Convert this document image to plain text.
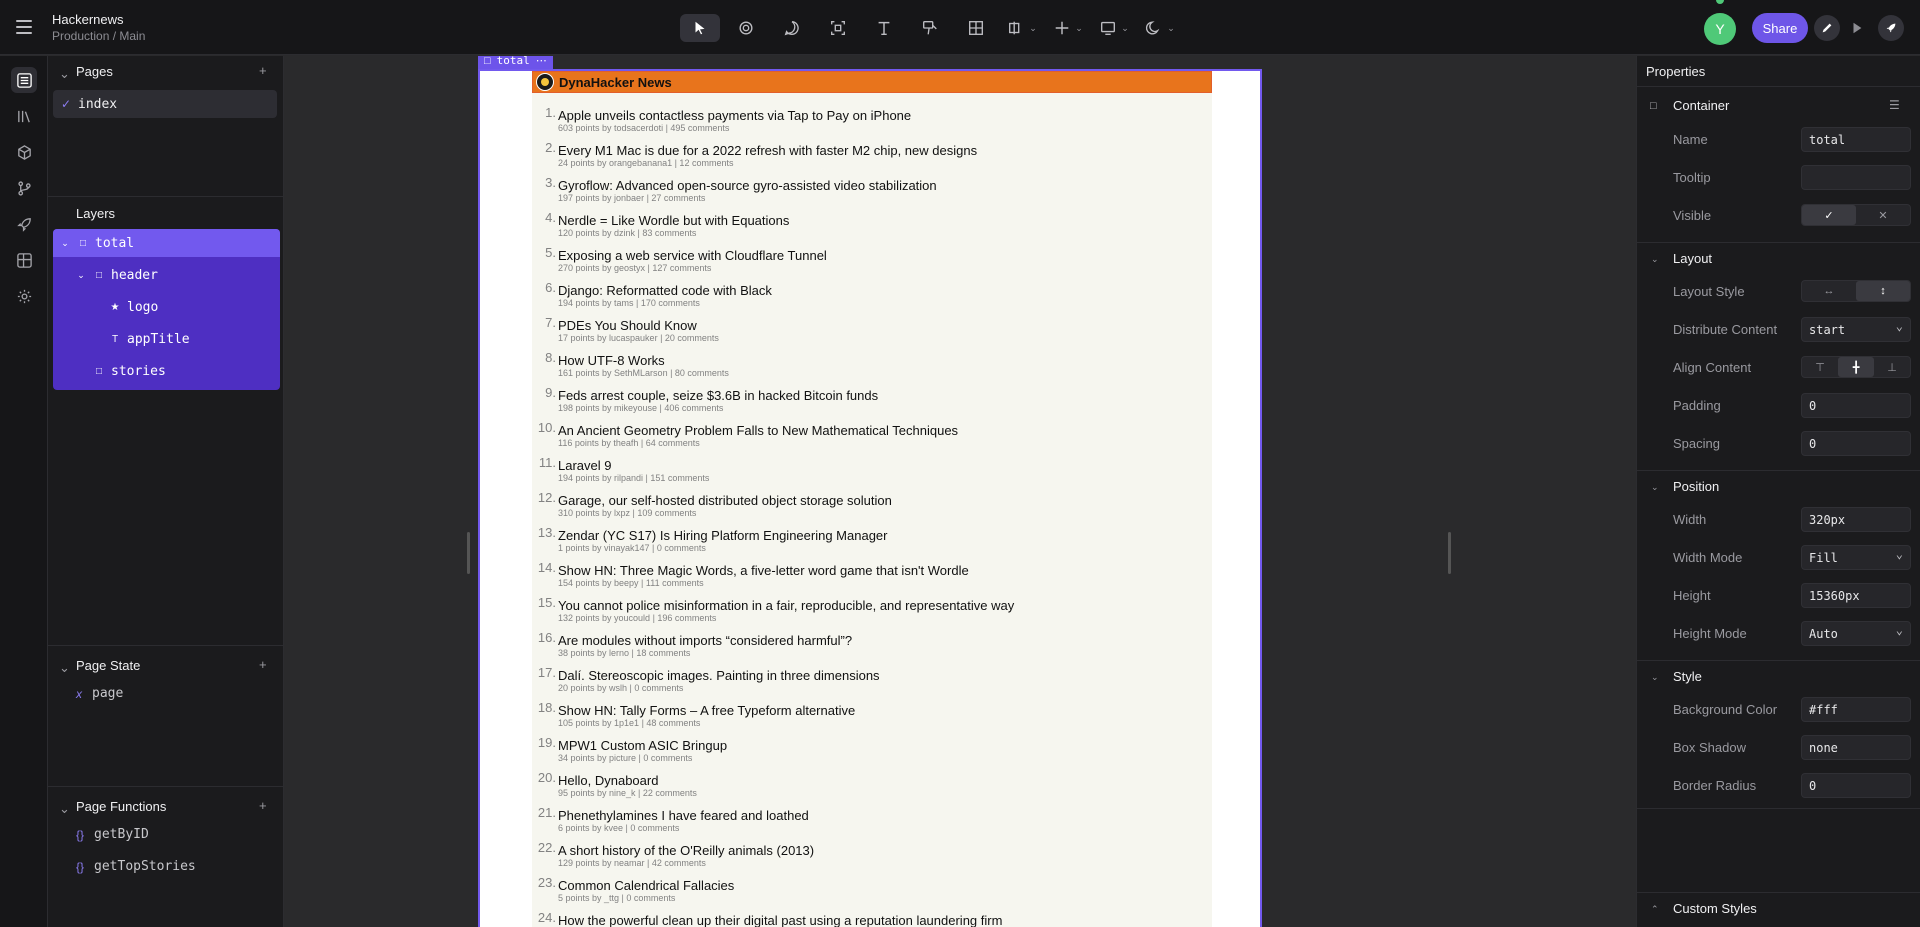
Hackernews
Production / Main
⌄	⌄	⌄	⌄	Y	Share
⌄ Pages	+
✓ index
Layers
⌄	□ total
⌄	□ header
★ logo
T appTitle
□ stories
⌄ Page State	+
x page
⌄ Page Functions	+
{} getByID
{} getTopStories
□ total ⋯
DynaHacker News
1. Apple unveils contactless payments via Tap to Pay on iPhone
603 points by todsacerdoti | 495 comments
2. Every M1 Mac is due for a 2022 refresh with faster M2 chip, new designs
24 points by orangebanana1 | 12 comments
3. Gyroflow: Advanced open-source gyro-assisted video stabilization
197 points by jonbaer | 27 comments
4. Nerdle = Like Wordle but with Equations
120 points by dzink | 83 comments
5. Exposing a web service with Cloudflare Tunnel
270 points by geostyx | 127 comments
6. Django: Reformatted code with Black
194 points by tams | 170 comments
7. PDEs You Should Know
17 points by lucaspauker | 20 comments
8. How UTF-8 Works
161 points by SethMLarson | 80 comments
9. Feds arrest couple, seize $3.6B in hacked Bitcoin funds
198 points by mikeyouse | 406 comments
10. An Ancient Geometry Problem Falls to New Mathematical Techniques
116 points by theafh | 64 comments
11. Laravel 9
194 points by rilpandi | 151 comments
12. Garage, our self-hosted distributed object storage solution
310 points by lxpz | 109 comments
13. Zendar (YC S17) Is Hiring Platform Engineering Manager
1 points by vinayak147 | 0 comments
14. Show HN: Three Magic Words, a five-letter word game that isn't Wordle
154 points by beepy | 111 comments
15. You cannot police misinformation in a fair, reproducible, and representative way
132 points by youcould | 196 comments
16. Are modules without imports “considered harmful”?
38 points by lerno | 18 comments
17. Dalí. Stereoscopic images. Painting in three dimensions
20 points by wslh | 0 comments
18. Show HN: Tally Forms – A free Typeform alternative
105 points by 1p1e1 | 48 comments
19. MPW1 Custom ASIC Bringup
34 points by picture | 0 comments
20. Hello, Dynaboard
95 points by nine_k | 22 comments
21. Phenethylamines I have feared and loathed
6 points by kvee | 0 comments
22. A short history of the O'Reilly animals (2013)
129 points by neamar | 42 comments
23. Common Calendrical Fallacies
5 points by _ttg | 0 comments
24. How the powerful clean up their digital past using a reputation laundering firm
Properties
□ Container	☰
Name	total
Tooltip
Visible	✓	✕
⌄ Layout
Layout Style	↔	↕
Distribute Content	start ⌄
Align Content	⊤	╋	⊥
Padding	0
Spacing	0
⌄ Position
Width	320px
Width Mode	Fill ⌄
Height	15360px
Height Mode	Auto ⌄
⌄ Style
Background Color	#fff
Box Shadow	none
Border Radius	0
⌃ Custom Styles
